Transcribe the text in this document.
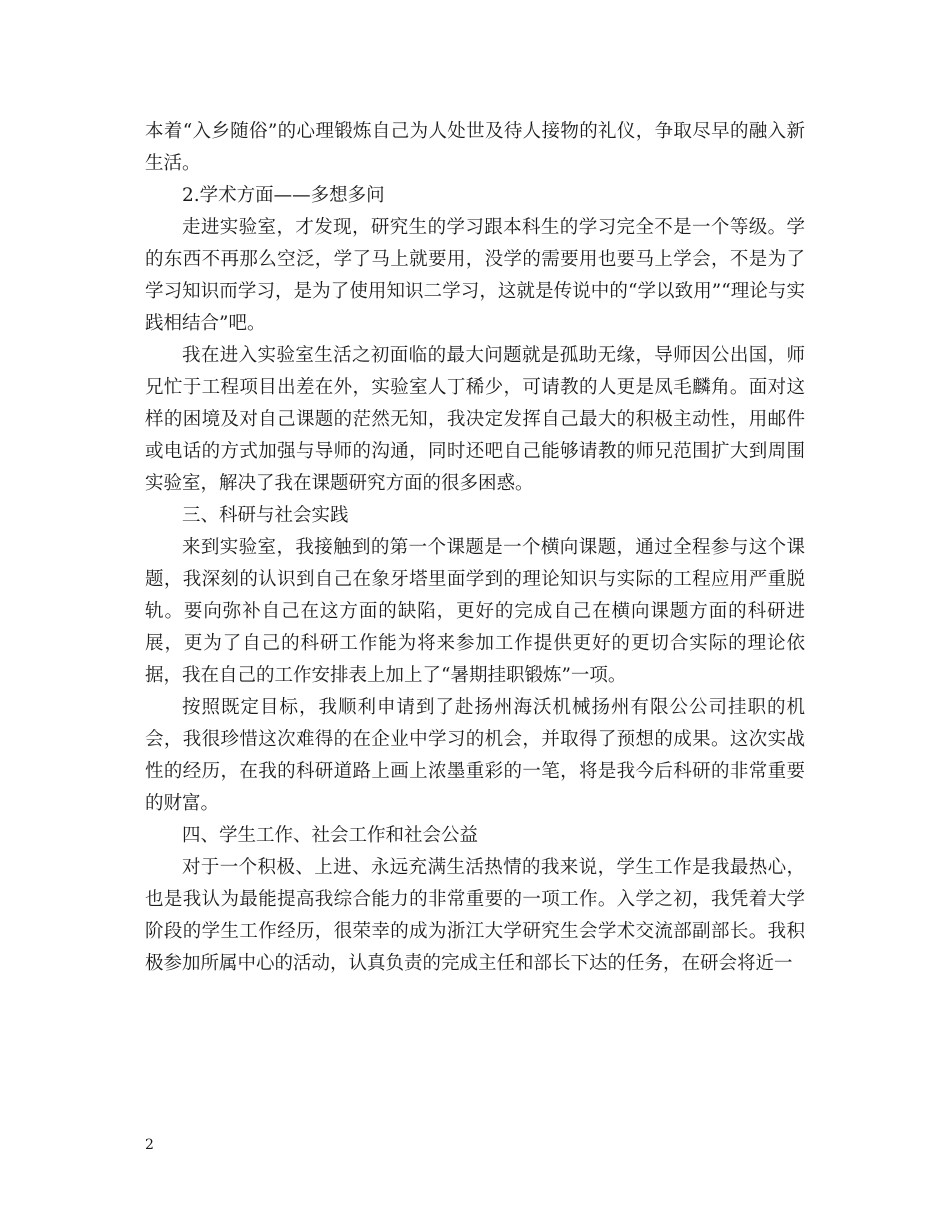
本着“入乡随俗”的心理锻炼自己为人处世及待人接物的礼仪，争取尽早的融入新生活。

2.学术方面——多想多问

走进实验室，才发现，研究生的学习跟本科生的学习完全不是一个等级。学的东西不再那么空泛，学了马上就要用，没学的需要用也要马上学会，不是为了学习知识而学习，是为了使用知识二学习，这就是传说中的“学以致用”“理论与实践相结合”吧。

我在进入实验室生活之初面临的最大问题就是孤助无缘，导师因公出国，师兄忙于工程项目出差在外，实验室人丁稀少，可请教的人更是凤毛麟角。面对这样的困境及对自己课题的茫然无知，我决定发挥自己最大的积极主动性，用邮件或电话的方式加强与导师的沟通，同时还吧自己能够请教的师兄范围扩大到周围实验室，解决了我在课题研究方面的很多困惑。

三、科研与社会实践

来到实验室，我接触到的第一个课题是一个横向课题，通过全程参与这个课题，我深刻的认识到自己在象牙塔里面学到的理论知识与实际的工程应用严重脱轨。要向弥补自己在这方面的缺陷，更好的完成自己在横向课题方面的科研进展，更为了自己的科研工作能为将来参加工作提供更好的更切合实际的理论依据，我在自己的工作安排表上加上了“暑期挂职锻炼”一项。

按照既定目标，我顺利申请到了赴扬州海沃机械扬州有限公公司挂职的机会，我很珍惜这次难得的在企业中学习的机会，并取得了预想的成果。这次实战性的经历，在我的科研道路上画上浓墨重彩的一笔，将是我今后科研的非常重要的财富。

四、学生工作、社会工作和社会公益

对于一个积极、上进、永远充满生活热情的我来说，学生工作是我最热心，也是我认为最能提高我综合能力的非常重要的一项工作。入学之初，我凭着大学阶段的学生工作经历，很荣幸的成为浙江大学研究生会学术交流部副部长。我积极参加所属中心的活动，认真负责的完成主任和部长下达的任务，在研会将近一

2
